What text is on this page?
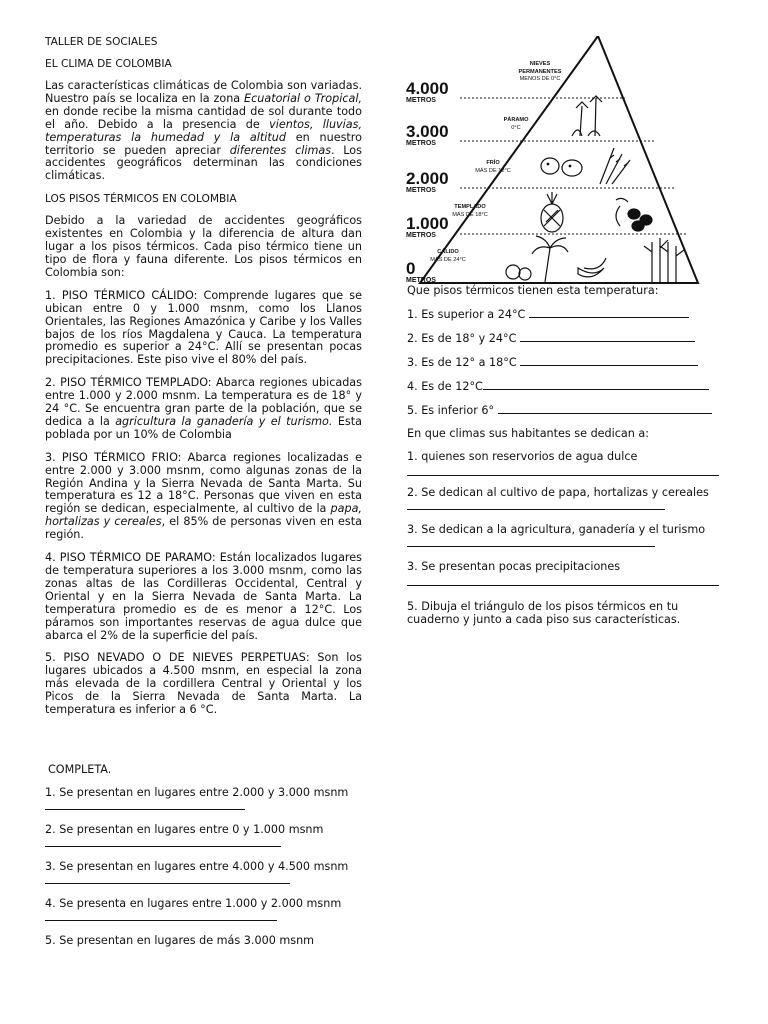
TALLER DE SOCIALES
EL CLIMA DE COLOMBIA

Las características climáticas de Colombia son variadas. Nuestro país se localiza en la zona Ecuatorial o Tropical, en donde recibe la misma cantidad de sol durante todo el año. Debido a la presencia de vientos, lluvias, temperaturas la humedad y la altitud en nuestro territorio se pueden apreciar diferentes climas. Los accidentes geográficos determinan las condiciones climáticas.

LOS PISOS TÉRMICOS EN COLOMBIA

Debido a la variedad de accidentes geográficos existentes en Colombia y la diferencia de altura dan lugar a los pisos térmicos. Cada piso térmico tiene un tipo de flora y fauna diferente. Los pisos térmicos en Colombia son:

1. PISO TÉRMICO CÁLIDO: Comprende lugares que se ubican entre 0 y 1.000 msnm, como los Llanos Orientales, las Regiones Amazónica y Caribe y los Valles bajos de los ríos Magdalena y Cauca. La temperatura promedio es superior a 24°C. Allí se presentan pocas precipitaciones. Este piso vive el 80% del país.

2. PISO TÉRMICO TEMPLADO: Abarca regiones ubicadas entre 1.000 y 2.000 msnm. La temperatura es de 18° y 24 °C. Se encuentra gran parte de la población, que se dedica a la agricultura la ganadería y el turismo. Esta poblada por un 10% de Colombia

3. PISO TÉRMICO FRIO: Abarca regiones localizadas e entre 2.000 y 3.000 msnm, como algunas zonas de la Región Andina y la Sierra Nevada de Santa Marta. Su temperatura es 12 a 18°C. Personas que viven en esta región se dedican, especialmente, al cultivo de la papa, hortalizas y cereales, el 85% de personas viven en esta región.

4. PISO TÉRMICO DE PARAMO: Están localizados lugares de temperatura superiores a los 3.000 msnm, como las zonas altas de las Cordilleras Occidental, Central y Oriental y en la Sierra Nevada de Santa Marta. La temperatura promedio es de es menor a 12°C. Los páramos son importantes reservas de agua dulce que abarca el 2% de la superficie del país.

5. PISO NEVADO O DE NIEVES PERPETUAS: Son los lugares ubicados a 4.500 msnm, en especial la zona más elevada de la cordillera Central y Oriental y los Picos de la Sierra Nevada de Santa Marta. La temperatura es inferior a 6 °C.

COMPLETA.
1. Se presentan en lugares entre 2.000 y 3.000 msnm
2. Se presentan en lugares entre 0 y 1.000 msnm
3. Se presentan en lugares entre 4.000 y 4.500 msnm
4. Se presenta en lugares entre 1.000 y 2.000 msnm
5. Se presentan en lugares de más 3.000 msnm
4.000
METROS
3.000
METROS
2.000
METROS
1.000
METROS
0
METROS
NIEVES
PERMANENTES
MENOS DE 0°C
PÁRAMO
0°C
FRÍO
MÁS DE 12°C
TEMPLADO
MÁS DE 18°C
CÁLIDO
MÁS DE 24°C
Que pisos térmicos tienen esta temperatura:
1. Es superior a 24°C
2. Es de 18° y 24°C
3. Es de 12° a 18°C
4. Es de 12°C
5. Es inferior 6°
En que climas sus habitantes se dedican a:
1. quienes son reservorios de agua dulce
2. Se dedican al cultivo de papa, hortalizas y cereales
3. Se dedican a la agricultura, ganadería y el turismo
3. Se presentan pocas precipitaciones
5. Dibuja el triángulo de los pisos térmicos en tu cuaderno y junto a cada piso sus características.
